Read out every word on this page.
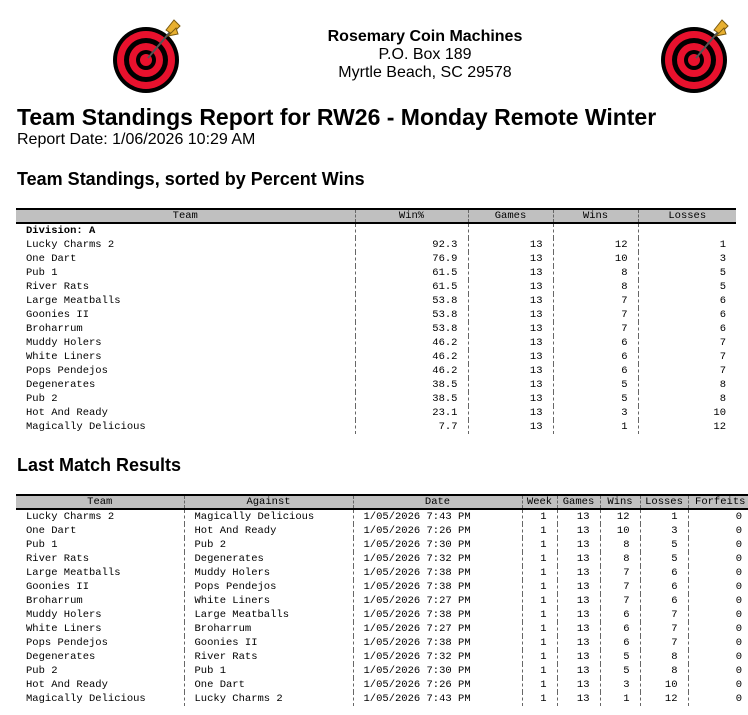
Rosemary Coin Machines
P.O. Box 189
Myrtle Beach, SC 29578
Team Standings Report for RW26 - Monday Remote Winter
Report Date: 1/06/2026 10:29 AM
Team Standings, sorted by Percent Wins
Team	Win%	Games	Wins	Losses
Division: A				
Lucky Charms 2	92.3	13	12	1
One Dart	76.9	13	10	3
Pub 1	61.5	13	8	5
River Rats	61.5	13	8	5
Large Meatballs	53.8	13	7	6
Goonies II	53.8	13	7	6
Broharrum	53.8	13	7	6
Muddy Holers	46.2	13	6	7
White Liners	46.2	13	6	7
Pops Pendejos	46.2	13	6	7
Degenerates	38.5	13	5	8
Pub 2	38.5	13	5	8
Hot And Ready	23.1	13	3	10
Magically Delicious	7.7	13	1	12
Last Match Results
Team	Against	Date	Week	Games	Wins	Losses	Forfeits
Lucky Charms 2	Magically Delicious	1/05/2026 7:43 PM	1	13	12	1	0
One Dart	Hot And Ready	1/05/2026 7:26 PM	1	13	10	3	0
Pub 1	Pub 2	1/05/2026 7:30 PM	1	13	8	5	0
River Rats	Degenerates	1/05/2026 7:32 PM	1	13	8	5	0
Large Meatballs	Muddy Holers	1/05/2026 7:38 PM	1	13	7	6	0
Goonies II	Pops Pendejos	1/05/2026 7:38 PM	1	13	7	6	0
Broharrum	White Liners	1/05/2026 7:27 PM	1	13	7	6	0
Muddy Holers	Large Meatballs	1/05/2026 7:38 PM	1	13	6	7	0
White Liners	Broharrum	1/05/2026 7:27 PM	1	13	6	7	0
Pops Pendejos	Goonies II	1/05/2026 7:38 PM	1	13	6	7	0
Degenerates	River Rats	1/05/2026 7:32 PM	1	13	5	8	0
Pub 2	Pub 1	1/05/2026 7:30 PM	1	13	5	8	0
Hot And Ready	One Dart	1/05/2026 7:26 PM	1	13	3	10	0
Magically Delicious	Lucky Charms 2	1/05/2026 7:43 PM	1	13	1	12	0
